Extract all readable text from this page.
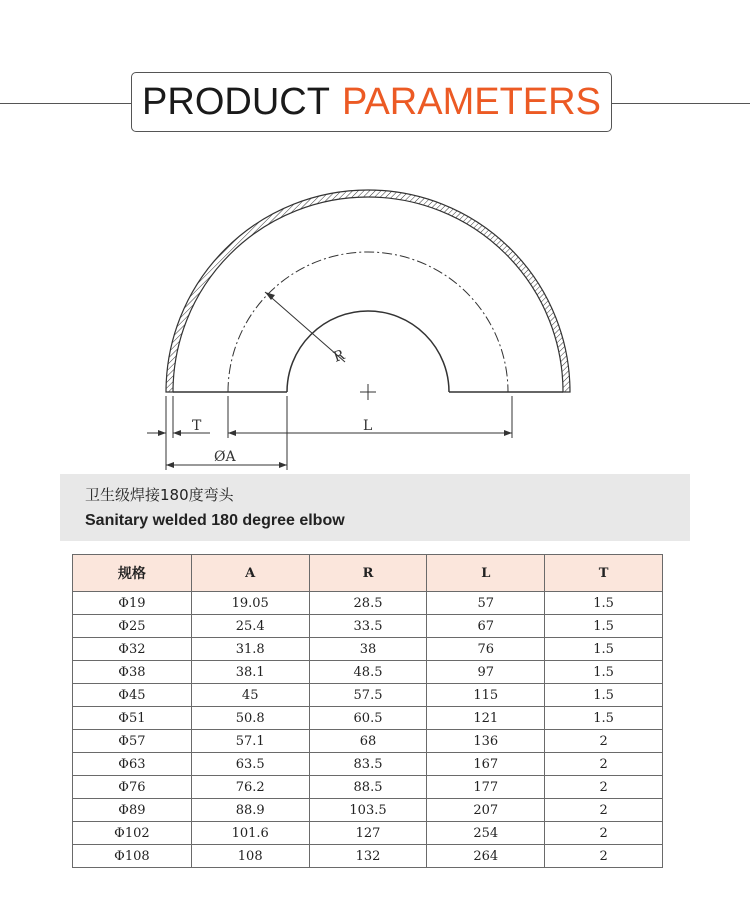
PRODUCT PARAMETERS
R
T	L
ØA
卫生级焊接180度弯头
Sanitary welded 180 degree elbow
规格	A	R	L	T
Φ19	19.05	28.5	57	1.5
Φ25	25.4	33.5	67	1.5
Φ32	31.8	38	76	1.5
Φ38	38.1	48.5	97	1.5
Φ45	45	57.5	115	1.5
Φ51	50.8	60.5	121	1.5
Φ57	57.1	68	136	2
Φ63	63.5	83.5	167	2
Φ76	76.2	88.5	177	2
Φ89	88.9	103.5	207	2
Φ102	101.6	127	254	2
Φ108	108	132	264	2
